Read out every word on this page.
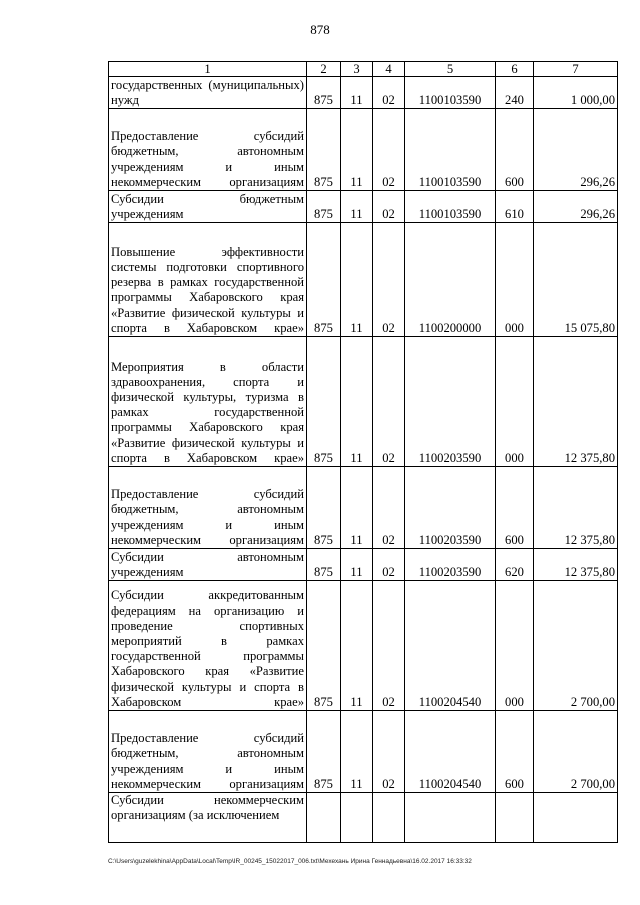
878
1	2	3	4	5	6	7
государственных (муниципальных) нужд	875	11	02	1100103590	240	1 000,00
Предоставление субсидий бюджетным, автономным учреждениям и иным некоммерческим организациям	875	11	02	1100103590	600	296,26
Субсидии бюджетным учреждениям	875	11	02	1100103590	610	296,26
Повышение эффективности системы подготовки спортивного резерва в рамках государственной программы Хабаровского края «Развитие физической культуры и спорта в Хабаровском крае»	875	11	02	1100200000	000	15 075,80
Мероприятия в области здравоохранения, спорта и физической культуры, туризма в рамках государственной программы Хабаровского края «Развитие физической культуры и спорта в Хабаровском крае»	875	11	02	1100203590	000	12 375,80
Предоставление субсидий бюджетным, автономным учреждениям и иным некоммерческим организациям	875	11	02	1100203590	600	12 375,80
Субсидии автономным учреждениям	875	11	02	1100203590	620	12 375,80
Субсидии аккредитованным федерациям на организацию и проведение спортивных мероприятий в рамках государственной программы Хабаровского края «Развитие физической культуры и спорта в Хабаровском крае»	875	11	02	1100204540	000	2 700,00
Предоставление субсидий бюджетным, автономным учреждениям и иным некоммерческим организациям	875	11	02	1100204540	600	2 700,00
Субсидии некоммерческим организациям (за исключением						
C:\Users\guzelekhina\AppData\Local\Temp\IR_00245_15022017_006.txt\Мехехань Ирина Геннадьевна\16.02.2017 16:33:32
